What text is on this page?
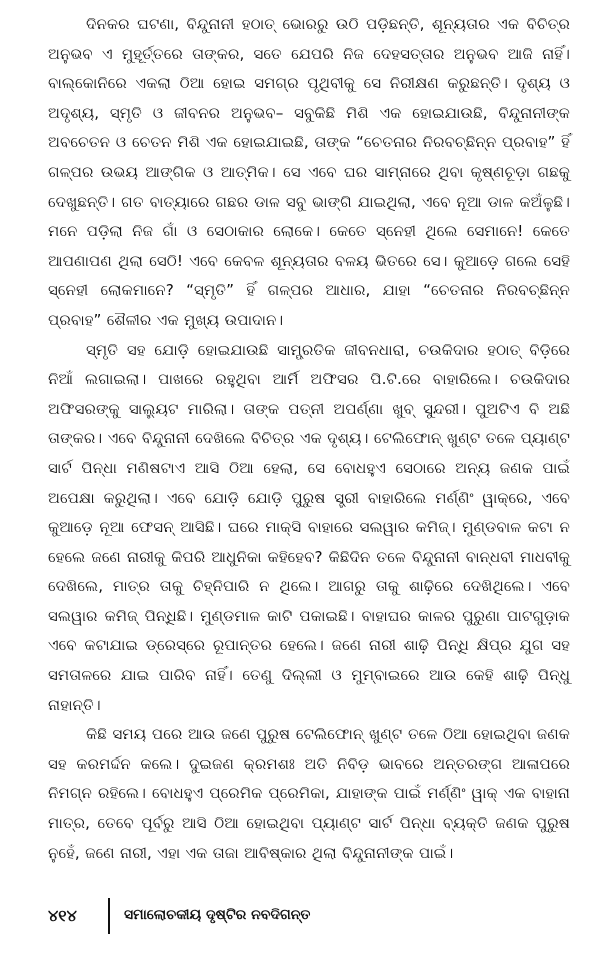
ଦିନକର ଘଟଣା, ବିନ୍ଦୁନାନୀ ହଠାତ୍ ଭୋରରୁ ଉଠି ପଡ଼ିଛନ୍ତି, ଶୂନ୍ୟତାର ଏକ ବିଚିତ୍ର ଅନୁଭବ ଏ ମୁହୂର୍ତ୍ତରେ ତାଙ୍କର, ସତେ ଯେପରି ନିଜ ଦେହସତ୍ତାର ଅନୁଭବ ଆଜି ନାହିଁ। ବାଲ୍‌କୋନିରେ ଏକଲା ଠିଆ ହୋଇ ସମଗ୍ର ପୃଥିବୀକୁ ସେ ନିରୀକ୍ଷଣ କରୁଛନ୍ତି। ଦୃଶ୍ୟ ଓ ଅଦୃଶ୍ୟ, ସ୍ମୃତି ଓ ଜୀବନର ଅନୁଭବ– ସବୁକିଛି ମିଶି ଏକ ହୋଇଯାଉଛି, ବିନ୍ଦୁନାନୀଙ୍କ ଅବଚେତନ ଓ ଚେତନ ମିଶି ଏକ ହୋଇଯାଇଛି, ତାଙ୍କ “ଚେତନାର ନିରବଚ୍ଛିନ୍ନ ପ୍ରବାହ” ହିଁ ଗଳ୍ପର ଉଭୟ ଆଙ୍ଗିକ ଓ ଆତ୍ମିକ। ସେ ଏବେ ଘର ସାମ୍ନାରେ ଥିବା କୃଷ୍ଣଚୂଡ଼ା ଗଛକୁ ଦେଖୁଛନ୍ତି। ଗତ ବାତ୍ୟାରେ ଗଛର ଡାଳ ସବୁ ଭାଙ୍ଗି ଯାଇଥିଲା, ଏବେ ନୂଆ ଡାଳ କଅଁଳୁଛି। ମନେ ପଡ଼ିଲା ନିଜ ଗାଁ ଓ ସେଠାକାର ଲୋକେ। କେତେ ସ୍ନେହୀ ଥିଲେ ସେମାନେ! କେତେ ଆପଣାପଣ ଥିଲା ସେଠି! ଏବେ କେବଳ ଶୂନ୍ୟତାର ବଳୟ ଭିତରେ ସେ। କୁଆଡ଼େ ଗଲେ ସେହି ସ୍ନେହୀ ଲୋକମାନେ? “ସ୍ମୃତି” ହିଁ ଗଳ୍ପର ଆଧାର, ଯାହା “ଚେତନାର ନିରବଚ୍ଛିନ୍ନ ପ୍ରବାହ” ଶୈଳୀର ଏକ ମୁଖ୍ୟ ଉପାଦାନ।

ସ୍ମୃତି ସହ ଯୋଡ଼ି ହୋଇଯାଉଛି ସାମ୍ପ୍ରତିକ ଜୀବନଧାରା, ଚଉକିଦାର ହଠାତ୍ ବିଡ଼ିରେ ନିଆଁ ଲଗାଇଲା। ପାଖରେ ରହୁଥିବା ଆର୍ମି ଅଫିସର ପି.ଟି.ରେ ବାହାରିଲେ। ଚଉକିଦାର ଅଫିସରଙ୍କୁ ସାଲ୍ୟୁଟ ମାରିଲା। ତାଙ୍କ ପତ୍ନୀ ଅପର୍ଣ୍ଣା ଖୁବ୍ ସୁନ୍ଦରୀ। ପୁଅଟିଏ ବି ଅଛି ତାଙ୍କର। ଏବେ ବିନ୍ଦୁନାନୀ ଦେଖିଲେ ବିଚିତ୍ର ଏକ ଦୃଶ୍ୟ। ଟେଲିଫୋନ୍ ଖୁଣ୍ଟ ତଳେ ପ୍ୟାଣ୍ଟ ସାର୍ଟ ପିନ୍ଧା ମଣିଷଟାଏ ଆସି ଠିଆ ହେଲା, ସେ ବୋଧହୁଏ ସେଠାରେ ଅନ୍ୟ ଜଣକ ପାଇଁ ଅପେକ୍ଷା କରୁଥିଲା। ଏବେ ଯୋଡ଼ି ଯୋଡ଼ି ପୁରୁଷ ସ୍ତ୍ରୀ ବାହାରିଲେ ମର୍ଣ୍ଣିଂ ୱାକ୍‌ରେ, ଏବେ କୁଆଡ଼େ ନୂଆ ଫେସନ୍ ଆସିଛି। ଘରେ ମାକ୍ସି ବାହାରେ ସଲୱାର କମିଜ୍। ମୁଣ୍ଡବାଳ କଟା ନ ହେଲେ ଜଣେ ନାରୀକୁ କିପରି ଆଧୁନିକା କହିହେବ? କିଛିଦିନ ତଳେ ବିନ୍ଦୁନାନୀ ବାନ୍ଧବୀ ମାଧବୀକୁ ଦେଖିଲେ, ମାତ୍ର ତାକୁ ଚିହ୍ନିପାରି ନ ଥିଲେ। ଆଗରୁ ତାକୁ ଶାଢ଼ିରେ ଦେଖିଥିଲେ। ଏବେ ସଲୱାର କମିଜ୍ ପିନ୍ଧିଛି। ମୁଣ୍ଡମାଳ କାଟି ପକାଇଛି। ବାହାଘର କାଳର ପୁରୁଣା ପାଟଗୁଡ଼ାକ ଏବେ କଟାଯାଇ ଡ୍ରେସ୍‌ରେ ରୂପାନ୍ତର ହେଲେ। ଜଣେ ନାରୀ ଶାଢ଼ି ପିନ୍ଧି କ୍ଷିପ୍ର ଯୁଗ ସହ ସମତାଳରେ ଯାଇ ପାରିବ ନାହିଁ। ତେଣୁ ଦିଲ୍ଲୀ ଓ ମୁମ୍ବାଇରେ ଆଉ କେହି ଶାଢ଼ି ପିନ୍ଧୁ ନାହାନ୍ତି।

କିଛି ସମୟ ପରେ ଆଉ ଜଣେ ପୁରୁଷ ଟେଲିଫୋନ୍ ଖୁଣ୍ଟ ତଳେ ଠିଆ ହୋଇଥିବା ଜଣକ ସହ କରମର୍ଦ୍ଦନ କଲେ। ଦୁଇଜଣ କ୍ରମଶଃ ଅତି ନିବିଡ଼ ଭାବରେ ଅନ୍ତରଙ୍ଗ ଆଳାପରେ ନିମଗ୍ନ ରହିଲେ। ବୋଧହୁଏ ପ୍ରେମିକ ପ୍ରେମିକା, ଯାହାଙ୍କ ପାଇଁ ମର୍ଣ୍ଣିଂ ୱାକ୍ ଏକ ବାହାନା ମାତ୍ର, ତେବେ ପୂର୍ବରୁ ଆସି ଠିଆ ହୋଇଥିବା ପ୍ୟାଣ୍ଟ ସାର୍ଟ ପିନ୍ଧା ବ୍ୟକ୍ତି ଜଣକ ପୁରୁଷ ନୁହେଁ, ଜଣେ ନାରୀ, ଏହା ଏକ ତାଜା ଆବିଷ୍କାର ଥିଲା ବିନ୍ଦୁନାନୀଙ୍କ ପାଇଁ।

୪୧୪	ସମାଲୋଚକୀୟ ଦୃଷ୍ଟିର ନବଦିଗନ୍ତ
